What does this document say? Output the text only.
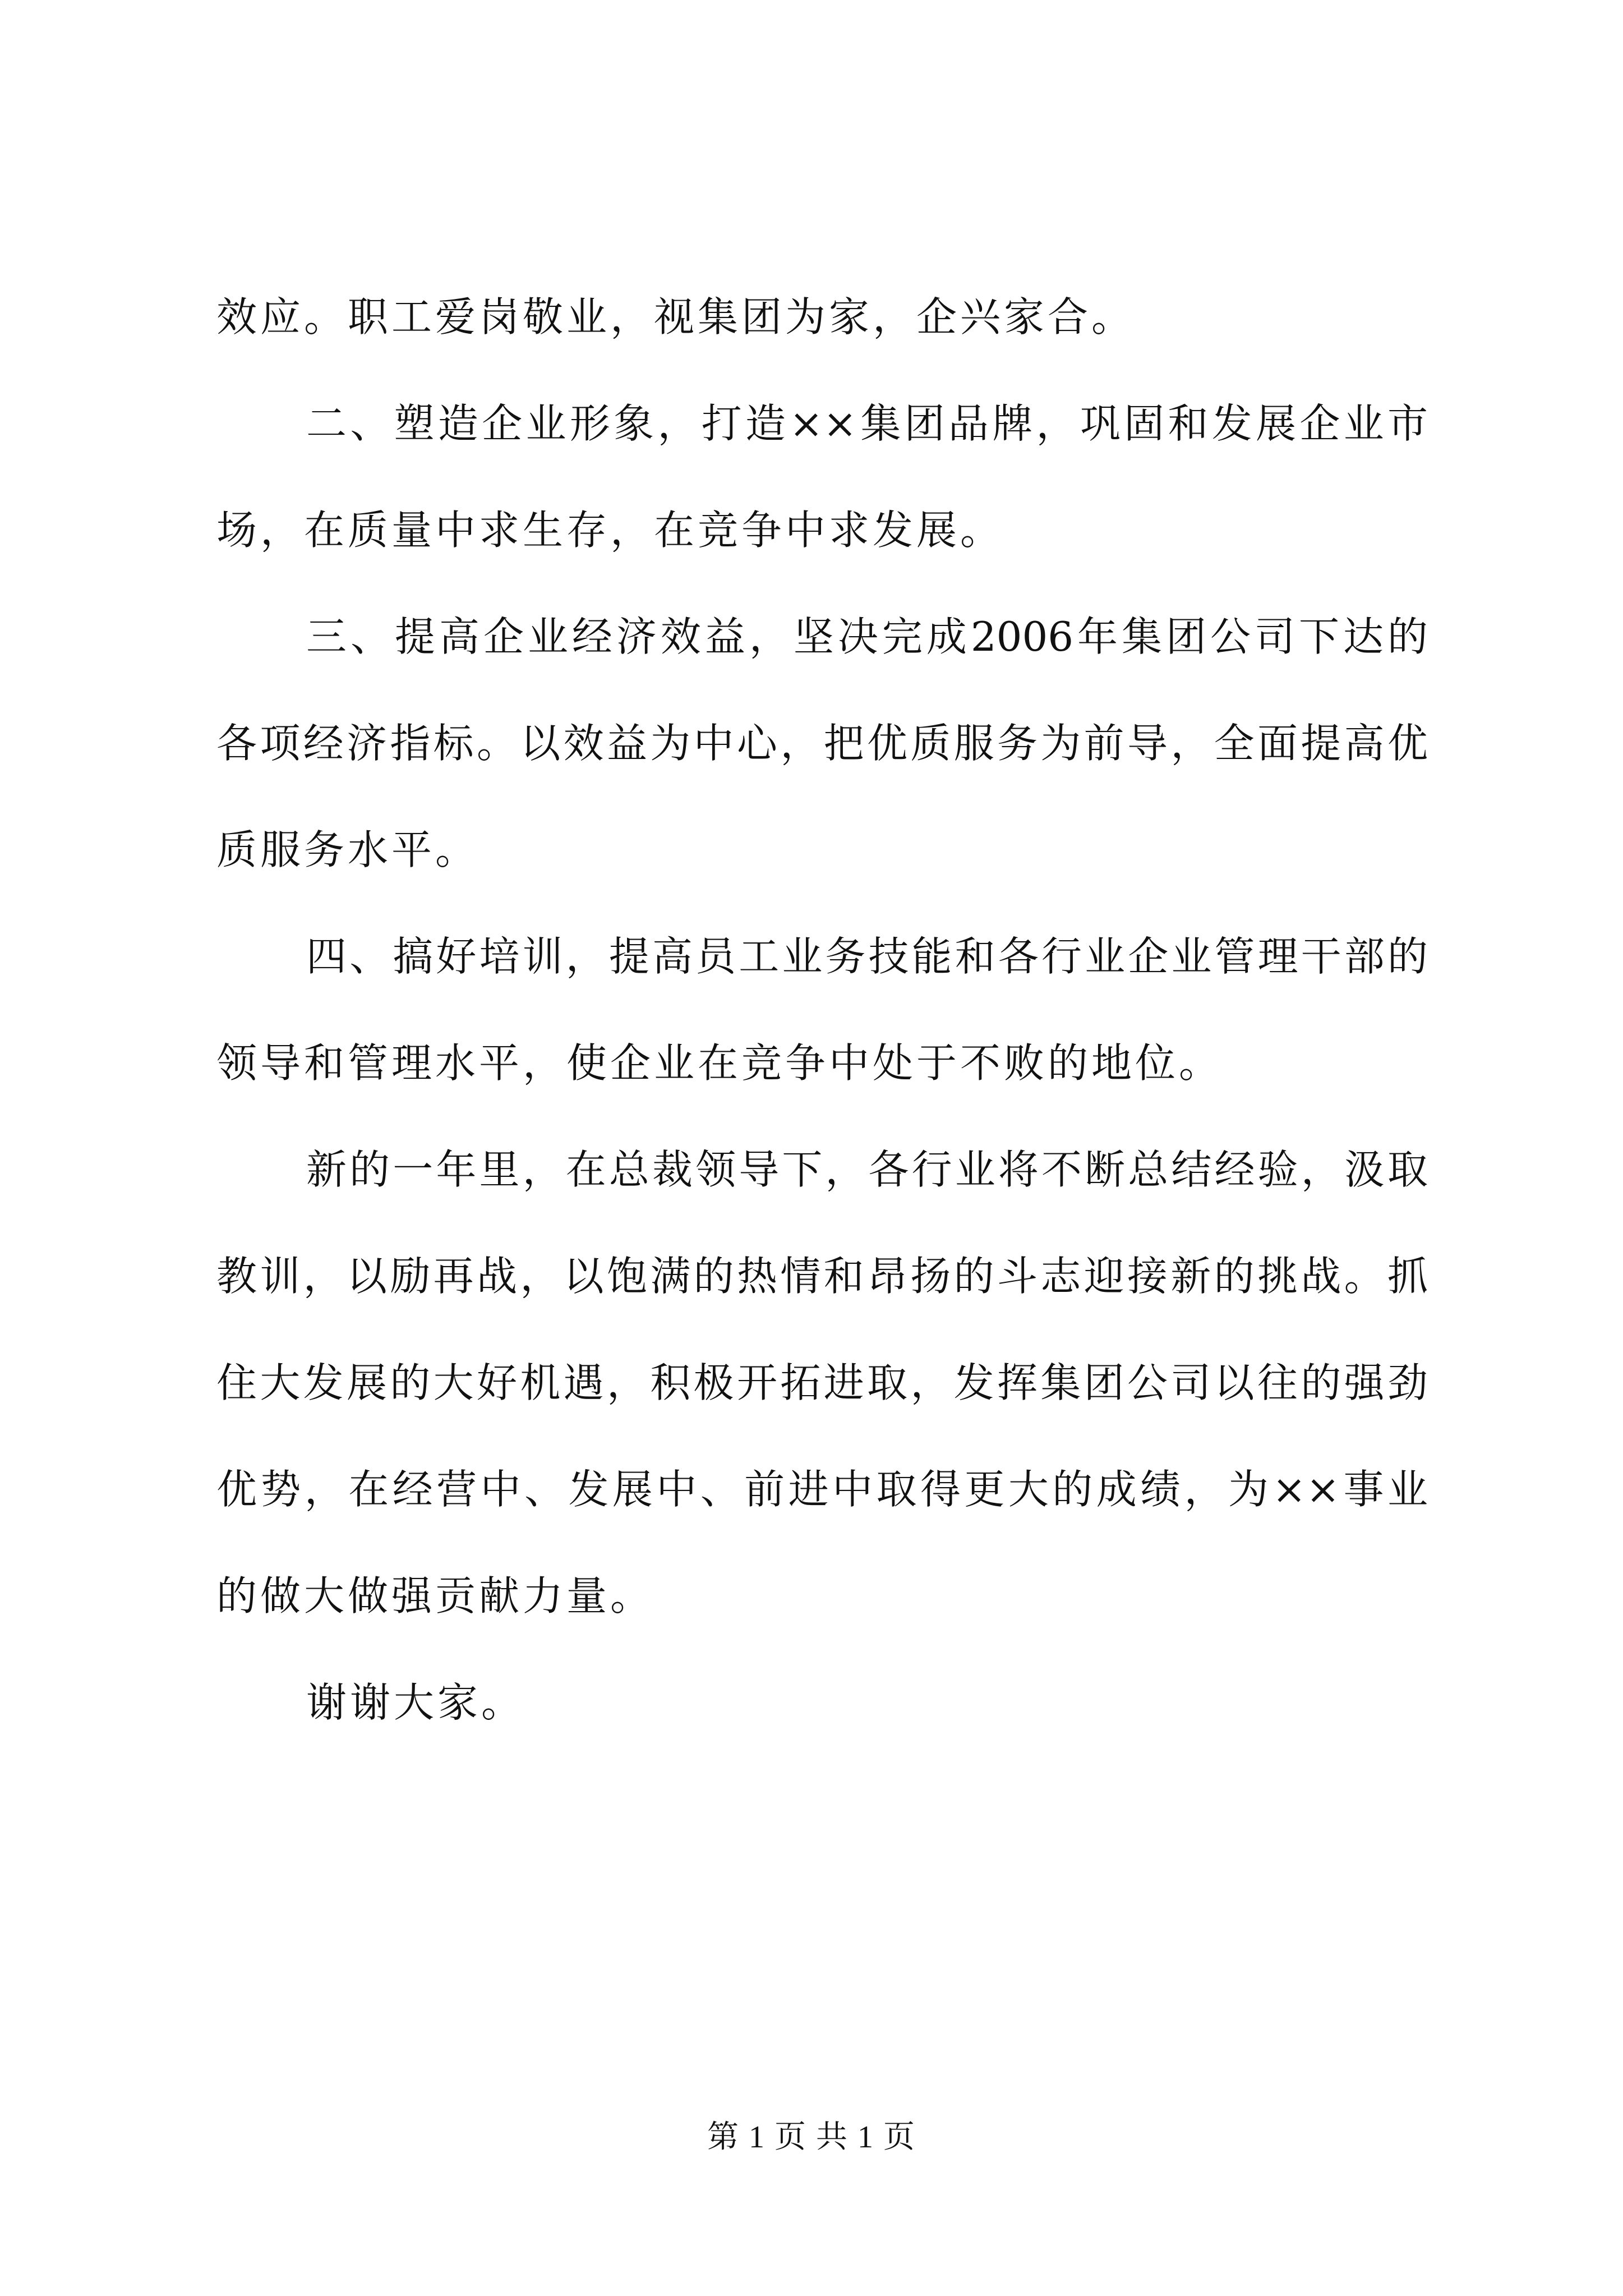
效应。职工爱岗敬业，视集团为家，企兴家合。
二、塑造企业形象，打造××集团品牌，巩固和发展企业市
场，在质量中求生存，在竞争中求发展。
三、提高企业经济效益，坚决完成2006年集团公司下达的
各项经济指标。以效益为中心，把优质服务为前导，全面提高优
质服务水平。
四、搞好培训，提高员工业务技能和各行业企业管理干部的
领导和管理水平，使企业在竞争中处于不败的地位。
新的一年里，在总裁领导下，各行业将不断总结经验，汲取
教训，以励再战，以饱满的热情和昂扬的斗志迎接新的挑战。抓
住大发展的大好机遇，积极开拓进取，发挥集团公司以往的强劲
优势，在经营中、发展中、前进中取得更大的成绩，为××事业
的做大做强贡献力量。
谢谢大家。
第 1 页 共 1 页
